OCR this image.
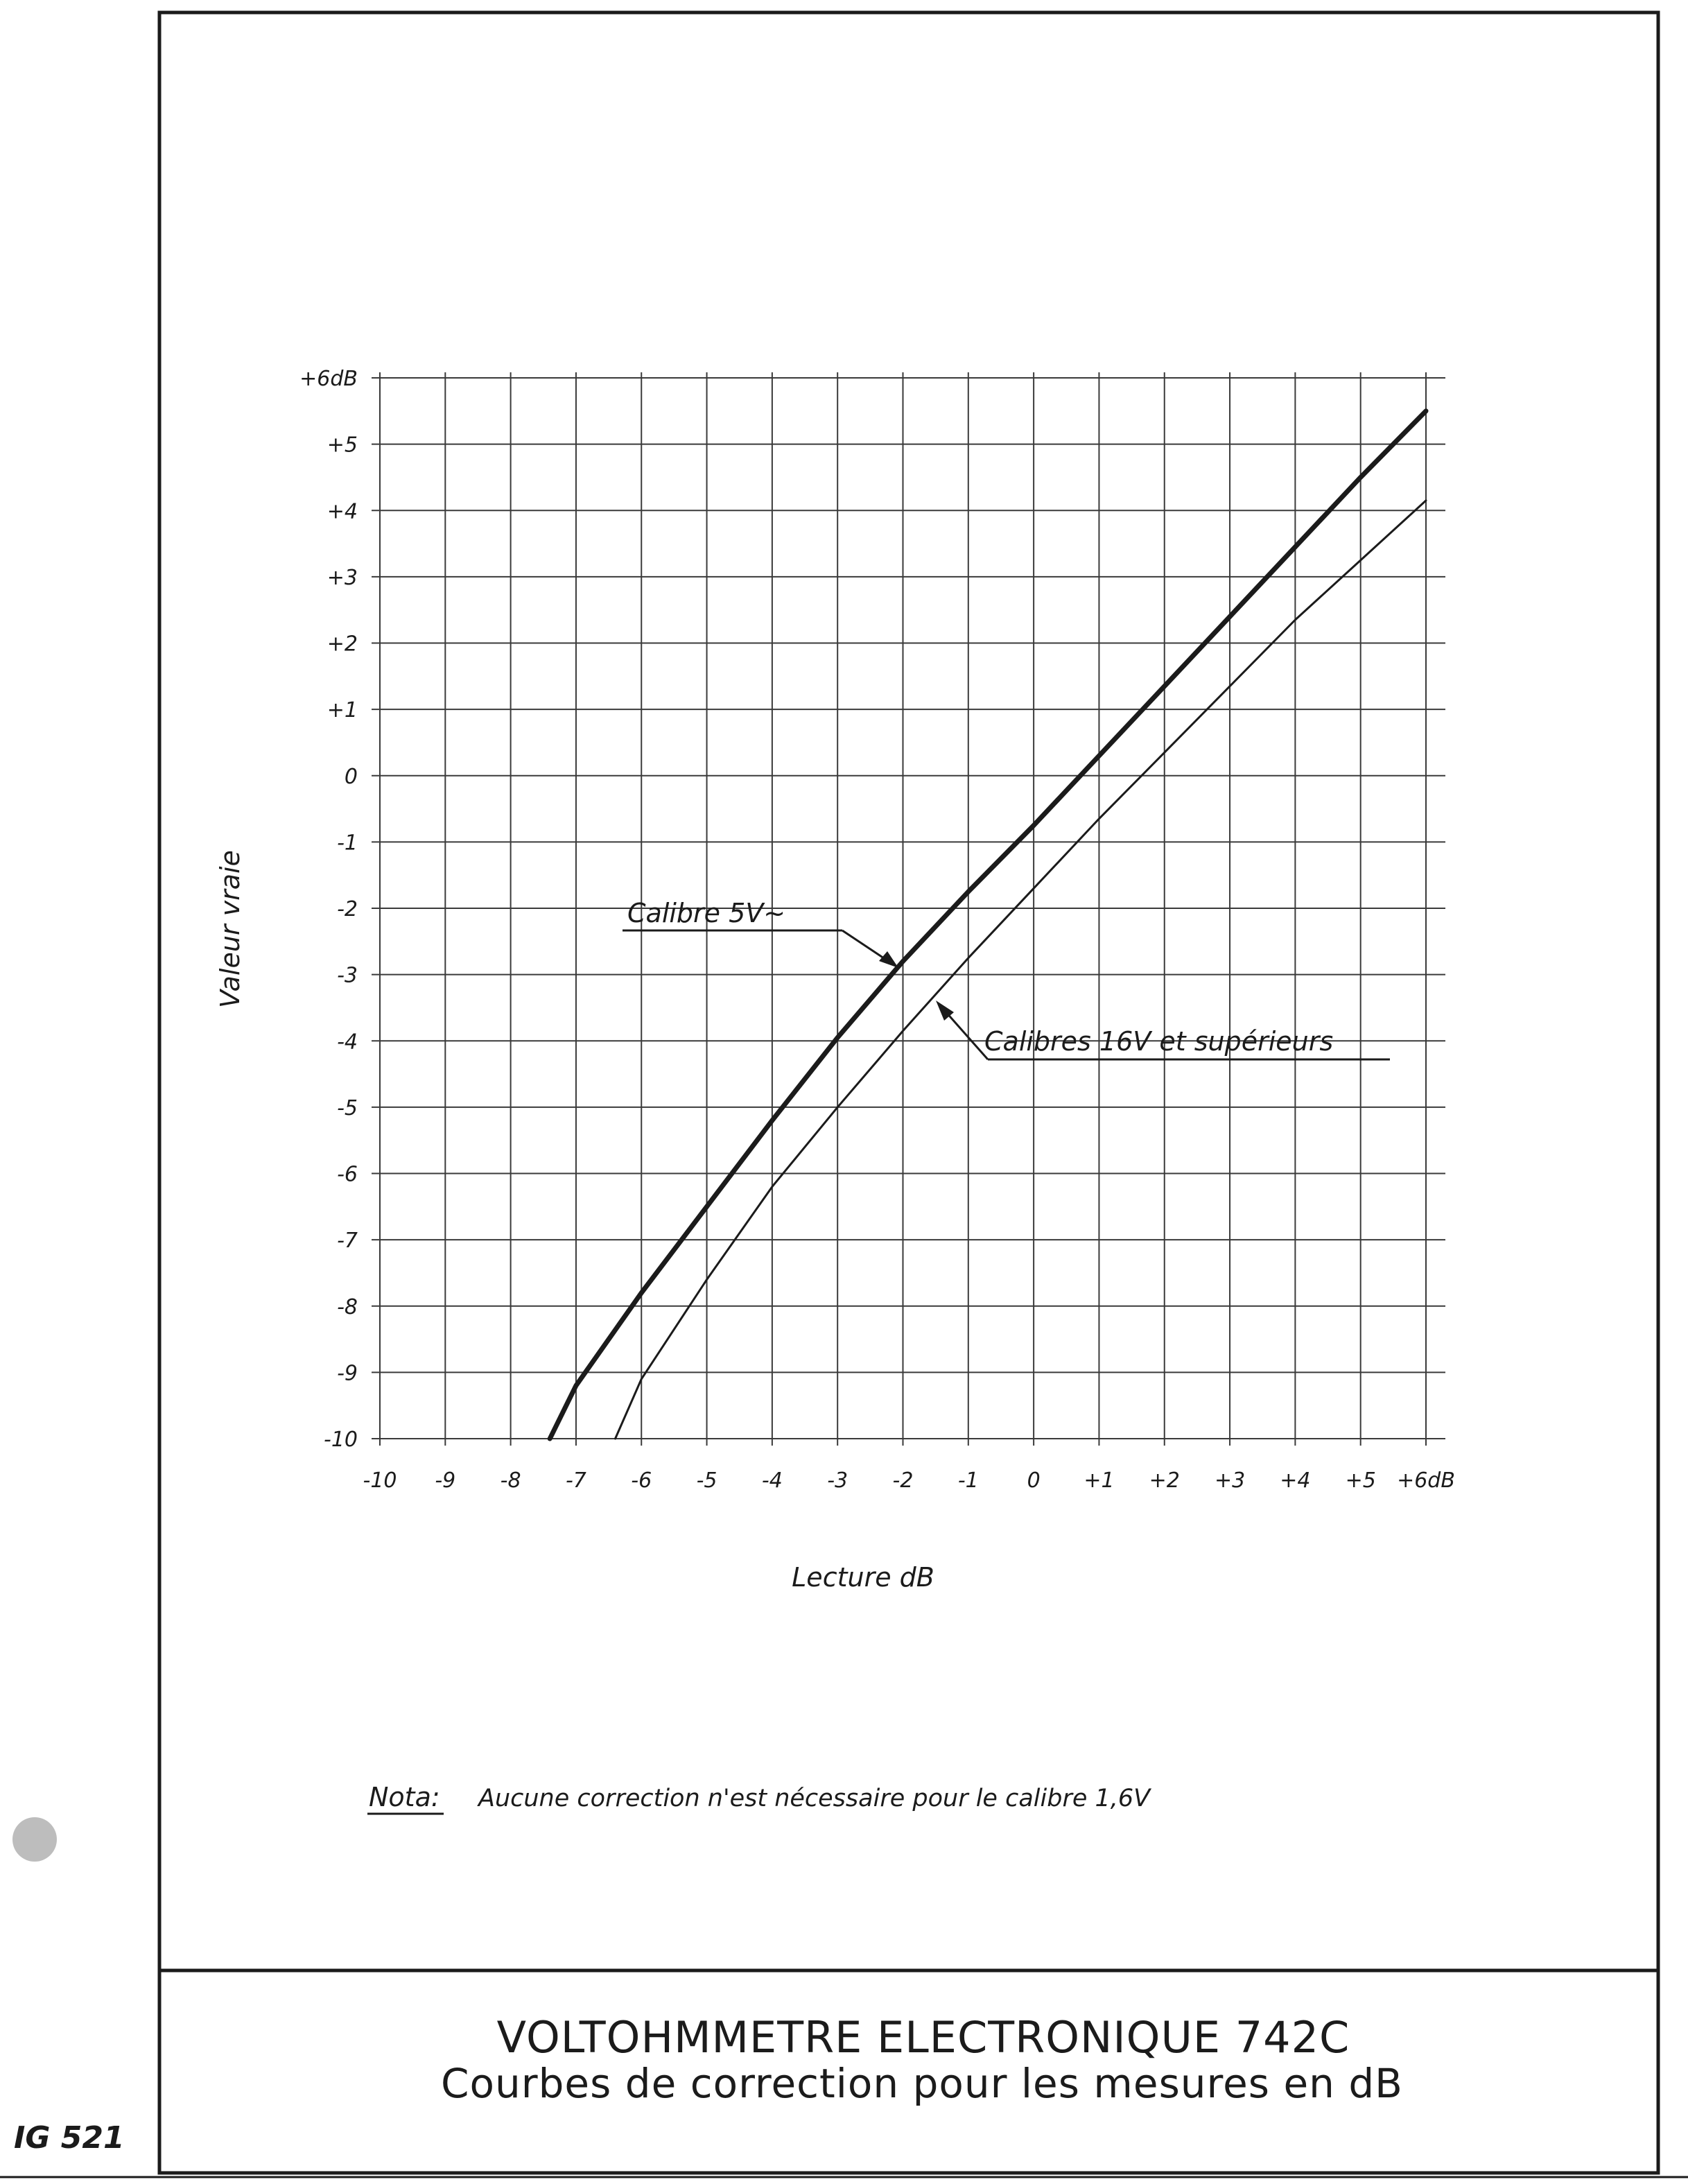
-10 -9 -8 -7 -6 -5 -4 -3 -2 -1 0 +1 +2 +3 +4 +5 +6dB
-10
-9
-8
-7
-6
-5
-4
-3
-2
-1
0
+1
+2
+3
+4
+5
+6dB
Calibre 5V~
Calibres 16V et supérieurs
Lecture dB
Valeur vraie
Nota: Aucune correction n'est nécessaire pour le calibre 1,6V
VOLTOHMMETRE ELECTRONIQUE 742C
Courbes de correction pour les mesures en dB
IG 521
